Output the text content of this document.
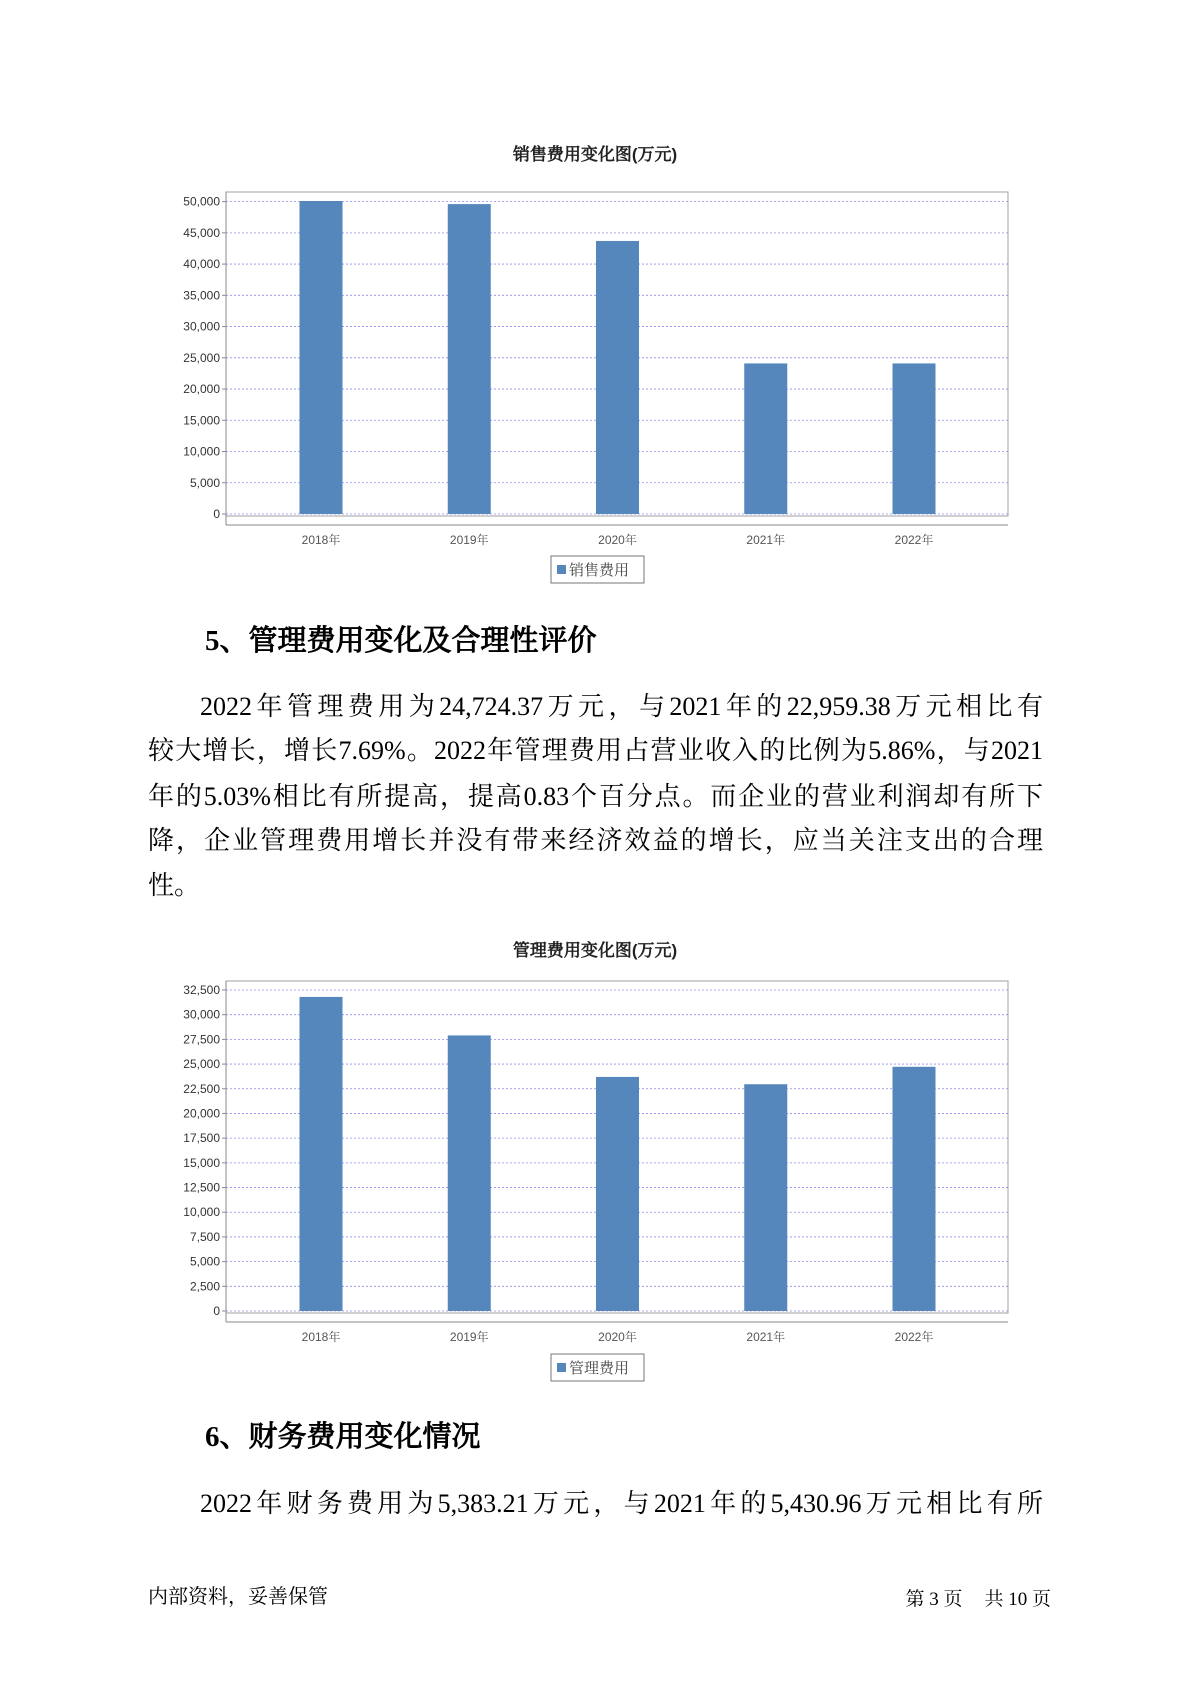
销售费用变化图(万元)
0
5,000
10,000
15,000
20,000
25,000
30,000
35,000
40,000
45,000
50,000
2018年	2019年	2020年	2021年	2022年
销售费用
5、管理费用变化及合理性评价
2022年管理费用为24,724.37万元，与2021年的22,959.38万元相比有
较大增长，增长7.69%。2022年管理费用占营业收入的比例为5.86%，与2021
年的5.03%相比有所提高，提高0.83个百分点。而企业的营业利润却有所下
降，企业管理费用增长并没有带来经济效益的增长，应当关注支出的合理
性。
管理费用变化图(万元)
0
2,500
5,000
7,500
10,000
12,500
15,000
17,500
20,000
22,500
25,000
27,500
30,000
32,500
2018年	2019年	2020年	2021年	2022年
管理费用
6、财务费用变化情况
2022年财务费用为5,383.21万元，与2021年的5,430.96万元相比有所
内部资料，妥善保管	第 3 页 共 10 页
